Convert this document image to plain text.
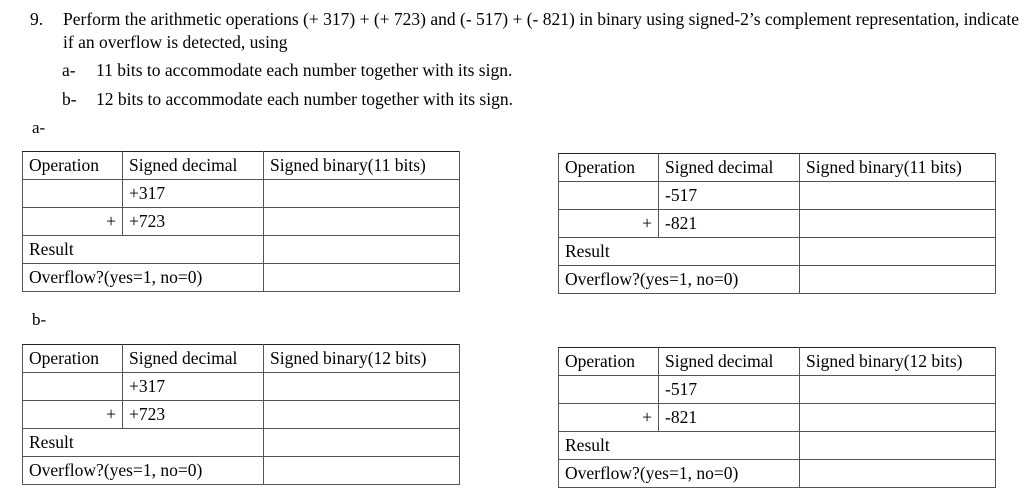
9. Perform the arithmetic operations (+ 317) + (+ 723) and (- 517) + (- 821) in binary using signed-2’s complement representation, indicate if an overflow is detected, using
a- 11 bits to accommodate each number together with its sign.
b- 12 bits to accommodate each number together with its sign.
a-
b-
Operation	Signed decimal	Signed binary(11 bits)
	+317	
+	+723	
Result		
Overflow?(yes=1, no=0)		
Operation	Signed decimal	Signed binary(11 bits)
	-517	
+	-821	
Result		
Overflow?(yes=1, no=0)		
Operation	Signed decimal	Signed binary(12 bits)
	+317	
+	+723	
Result		
Overflow?(yes=1, no=0)		
Operation	Signed decimal	Signed binary(12 bits)
	-517	
+	-821	
Result		
Overflow?(yes=1, no=0)		
